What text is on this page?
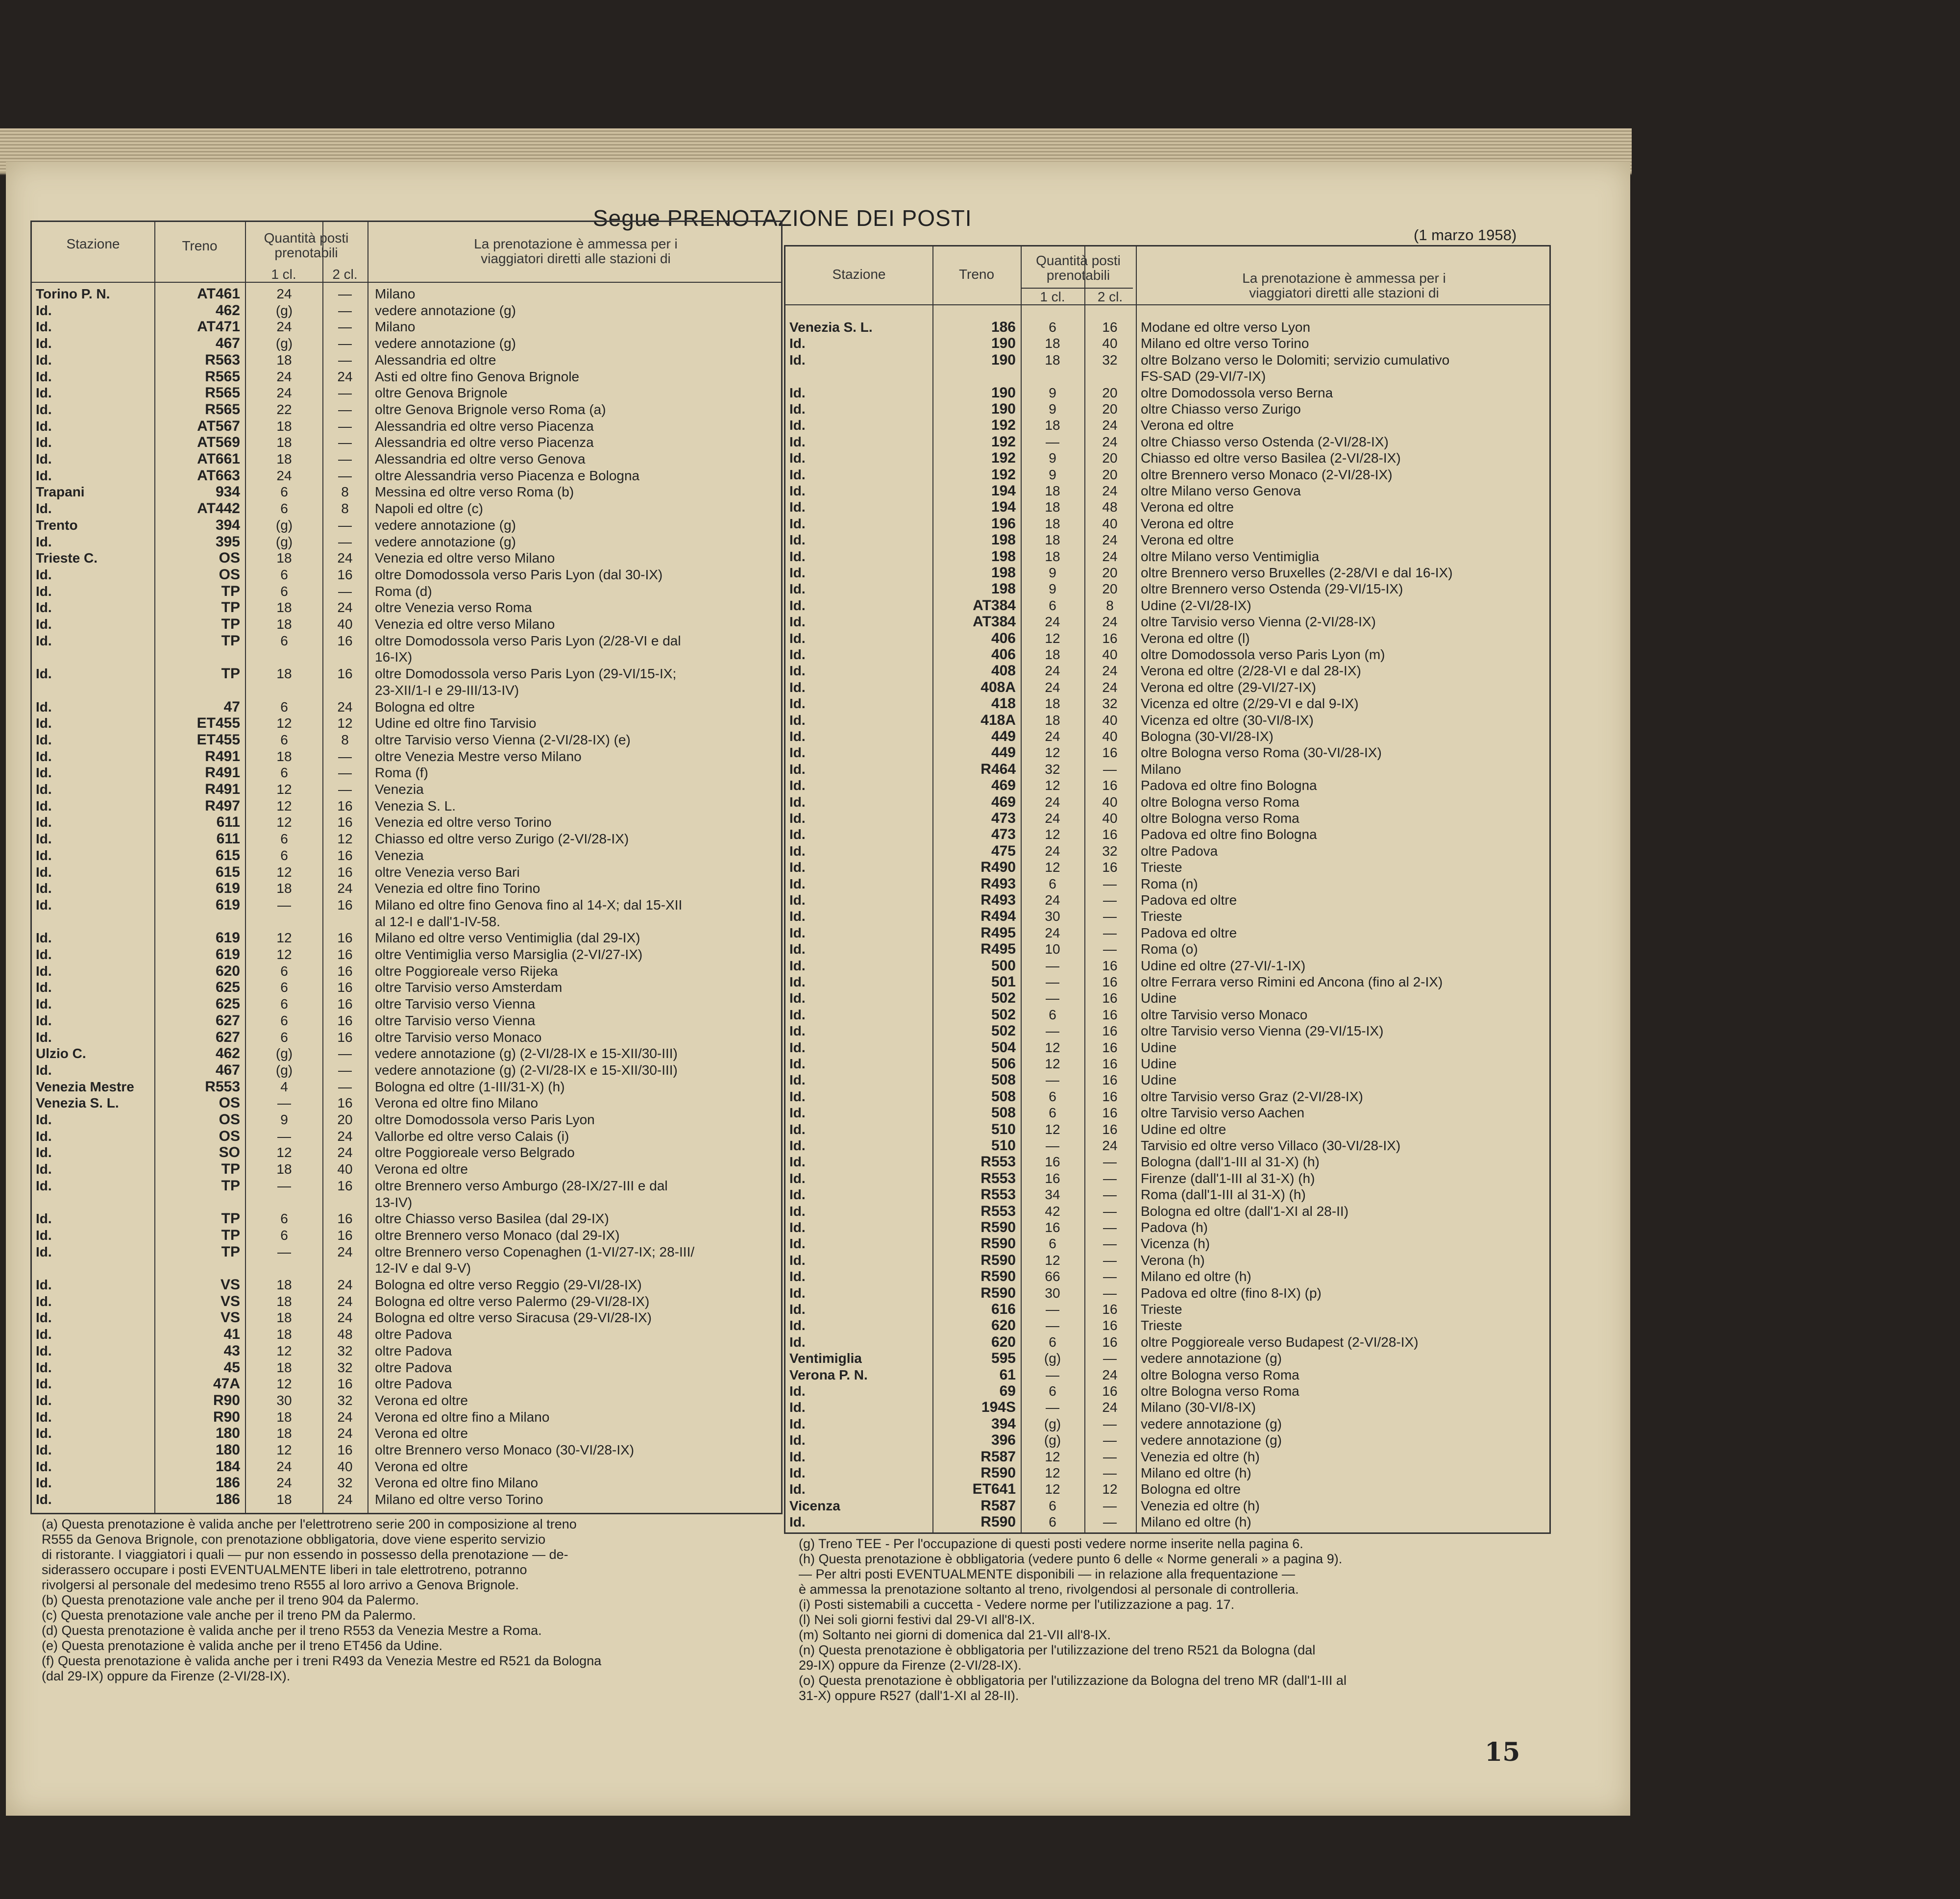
Segue PRENOTAZIONE DEI POSTI
(1 marzo 1958)
Stazione	Treno
Quantità posti prenotabili
1 cl.	2 cl.
La prenotazione è ammessa per i viaggiatori diretti alle stazioni di
Torino P. N.	AT461	24	—	Milano
Id.	462	(g)	—	vedere annotazione (g)
Id.	AT471	24	—	Milano
Id.	467	(g)	—	vedere annotazione (g)
Id.	R563	18	—	Alessandria ed oltre
Id.	R565	24	24	Asti ed oltre fino Genova Brignole
Id.	R565	24	—	oltre Genova Brignole
Id.	R565	22	—	oltre Genova Brignole verso Roma (a)
Id.	AT567	18	—	Alessandria ed oltre verso Piacenza
Id.	AT569	18	—	Alessandria ed oltre verso Piacenza
Id.	AT661	18	—	Alessandria ed oltre verso Genova
Id.	AT663	24	—	oltre Alessandria verso Piacenza e Bologna
Trapani	934	6	8	Messina ed oltre verso Roma (b)
Id.	AT442	6	8	Napoli ed oltre (c)
Trento	394	(g)	—	vedere annotazione (g)
Id.	395	(g)	—	vedere annotazione (g)
Trieste C.	OS	18	24	Venezia ed oltre verso Milano
Id.	OS	6	16	oltre Domodossola verso Paris Lyon (dal 30-IX)
Id.	TP	6	—	Roma (d)
Id.	TP	18	24	oltre Venezia verso Roma
Id.	TP	18	40	Venezia ed oltre verso Milano
Id.	TP	6	16	oltre Domodossola verso Paris Lyon (2/28-VI e dal
16-IX)
Id.	TP	18	16	oltre Domodossola verso Paris Lyon (29-VI/15-IX;
23-XII/1-I e 29-III/13-IV)
Id.	47	6	24	Bologna ed oltre
Id.	ET455	12	12	Udine ed oltre fino Tarvisio
Id.	ET455	6	8	oltre Tarvisio verso Vienna (2-VI/28-IX) (e)
Id.	R491	18	—	oltre Venezia Mestre verso Milano
Id.	R491	6	—	Roma (f)
Id.	R491	12	—	Venezia
Id.	R497	12	16	Venezia S. L.
Id.	611	12	16	Venezia ed oltre verso Torino
Id.	611	6	12	Chiasso ed oltre verso Zurigo (2-VI/28-IX)
Id.	615	6	16	Venezia
Id.	615	12	16	oltre Venezia verso Bari
Id.	619	18	24	Venezia ed oltre fino Torino
Id.	619	—	16	Milano ed oltre fino Genova fino al 14-X; dal 15-XII
al 12-I e dall'1-IV-58.
Id.	619	12	16	Milano ed oltre verso Ventimiglia (dal 29-IX)
Id.	619	12	16	oltre Ventimiglia verso Marsiglia (2-VI/27-IX)
Id.	620	6	16	oltre Poggioreale verso Rijeka
Id.	625	6	16	oltre Tarvisio verso Amsterdam
Id.	625	6	16	oltre Tarvisio verso Vienna
Id.	627	6	16	oltre Tarvisio verso Vienna
Id.	627	6	16	oltre Tarvisio verso Monaco
Ulzio C.	462	(g)	—	vedere annotazione (g) (2-VI/28-IX e 15-XII/30-III)
Id.	467	(g)	—	vedere annotazione (g) (2-VI/28-IX e 15-XII/30-III)
Venezia Mestre	R553	4	—	Bologna ed oltre (1-III/31-X) (h)
Venezia S. L.	OS	—	16	Verona ed oltre fino Milano
Id.	OS	9	20	oltre Domodossola verso Paris Lyon
Id.	OS	—	24	Vallorbe ed oltre verso Calais (i)
Id.	SO	12	24	oltre Poggioreale verso Belgrado
Id.	TP	18	40	Verona ed oltre
Id.	TP	—	16	oltre Brennero verso Amburgo (28-IX/27-III e dal
13-IV)
Id.	TP	6	16	oltre Chiasso verso Basilea (dal 29-IX)
Id.	TP	6	16	oltre Brennero verso Monaco (dal 29-IX)
Id.	TP	—	24	oltre Brennero verso Copenaghen (1-VI/27-IX; 28-III/
12-IV e dal 9-V)
Id.	VS	18	24	Bologna ed oltre verso Reggio (29-VI/28-IX)
Id.	VS	18	24	Bologna ed oltre verso Palermo (29-VI/28-IX)
Id.	VS	18	24	Bologna ed oltre verso Siracusa (29-VI/28-IX)
Id.	41	18	48	oltre Padova
Id.	43	12	32	oltre Padova
Id.	45	18	32	oltre Padova
Id.	47A	12	16	oltre Padova
Id.	R90	30	32	Verona ed oltre
Id.	R90	18	24	Verona ed oltre fino a Milano
Id.	180	18	24	Verona ed oltre
Id.	180	12	16	oltre Brennero verso Monaco (30-VI/28-IX)
Id.	184	24	40	Verona ed oltre
Id.	186	24	32	Verona ed oltre fino Milano
Id.	186	18	24	Milano ed oltre verso Torino
Stazione	Treno
Quantità posti prenotabili
1 cl.	2 cl.
La prenotazione è ammessa per i viaggiatori diretti alle stazioni di
Venezia S. L.	186	6	16	Modane ed oltre verso Lyon
Id.	190	18	40	Milano ed oltre verso Torino
Id.	190	18	32	oltre Bolzano verso le Dolomiti; servizio cumulativo
FS-SAD (29-VI/7-IX)
Id.	190	9	20	oltre Domodossola verso Berna
Id.	190	9	20	oltre Chiasso verso Zurigo
Id.	192	18	24	Verona ed oltre
Id.	192	—	24	oltre Chiasso verso Ostenda (2-VI/28-IX)
Id.	192	9	20	Chiasso ed oltre verso Basilea (2-VI/28-IX)
Id.	192	9	20	oltre Brennero verso Monaco (2-VI/28-IX)
Id.	194	18	24	oltre Milano verso Genova
Id.	194	18	48	Verona ed oltre
Id.	196	18	40	Verona ed oltre
Id.	198	18	24	Verona ed oltre
Id.	198	18	24	oltre Milano verso Ventimiglia
Id.	198	9	20	oltre Brennero verso Bruxelles (2-28/VI e dal 16-IX)
Id.	198	9	20	oltre Brennero verso Ostenda (29-VI/15-IX)
Id.	AT384	6	8	Udine (2-VI/28-IX)
Id.	AT384	24	24	oltre Tarvisio verso Vienna (2-VI/28-IX)
Id.	406	12	16	Verona ed oltre (l)
Id.	406	18	40	oltre Domodossola verso Paris Lyon (m)
Id.	408	24	24	Verona ed oltre (2/28-VI e dal 28-IX)
Id.	408A	24	24	Verona ed oltre (29-VI/27-IX)
Id.	418	18	32	Vicenza ed oltre (2/29-VI e dal 9-IX)
Id.	418A	18	40	Vicenza ed oltre (30-VI/8-IX)
Id.	449	24	40	Bologna (30-VI/28-IX)
Id.	449	12	16	oltre Bologna verso Roma (30-VI/28-IX)
Id.	R464	32	—	Milano
Id.	469	12	16	Padova ed oltre fino Bologna
Id.	469	24	40	oltre Bologna verso Roma
Id.	473	24	40	oltre Bologna verso Roma
Id.	473	12	16	Padova ed oltre fino Bologna
Id.	475	24	32	oltre Padova
Id.	R490	12	16	Trieste
Id.	R493	6	—	Roma (n)
Id.	R493	24	—	Padova ed oltre
Id.	R494	30	—	Trieste
Id.	R495	24	—	Padova ed oltre
Id.	R495	10	—	Roma (o)
Id.	500	—	16	Udine ed oltre (27-VI/-1-IX)
Id.	501	—	16	oltre Ferrara verso Rimini ed Ancona (fino al 2-IX)
Id.	502	—	16	Udine
Id.	502	6	16	oltre Tarvisio verso Monaco
Id.	502	—	16	oltre Tarvisio verso Vienna (29-VI/15-IX)
Id.	504	12	16	Udine
Id.	506	12	16	Udine
Id.	508	—	16	Udine
Id.	508	6	16	oltre Tarvisio verso Graz (2-VI/28-IX)
Id.	508	6	16	oltre Tarvisio verso Aachen
Id.	510	12	16	Udine ed oltre
Id.	510	—	24	Tarvisio ed oltre verso Villaco (30-VI/28-IX)
Id.	R553	16	—	Bologna (dall'1-III al 31-X) (h)
Id.	R553	16	—	Firenze (dall'1-III al 31-X) (h)
Id.	R553	34	—	Roma (dall'1-III al 31-X) (h)
Id.	R553	42	—	Bologna ed oltre (dall'1-XI al 28-II)
Id.	R590	16	—	Padova (h)
Id.	R590	6	—	Vicenza (h)
Id.	R590	12	—	Verona (h)
Id.	R590	66	—	Milano ed oltre (h)
Id.	R590	30	—	Padova ed oltre (fino 8-IX) (p)
Id.	616	—	16	Trieste
Id.	620	—	16	Trieste
Id.	620	6	16	oltre Poggioreale verso Budapest (2-VI/28-IX)
Ventimiglia	595	(g)	—	vedere annotazione (g)
Verona P. N.	61	—	24	oltre Bologna verso Roma
Id.	69	6	16	oltre Bologna verso Roma
Id.	194S	—	24	Milano (30-VI/8-IX)
Id.	394	(g)	—	vedere annotazione (g)
Id.	396	(g)	—	vedere annotazione (g)
Id.	R587	12	—	Venezia ed oltre (h)
Id.	R590	12	—	Milano ed oltre (h)
Id.	ET641	12	12	Bologna ed oltre
Vicenza	R587	6	—	Venezia ed oltre (h)
Id.	R590	6	—	Milano ed oltre (h)
(a) Questa prenotazione è valida anche per l'elettrotreno serie 200 in composizione al treno
R555 da Genova Brignole, con prenotazione obbligatoria, dove viene esperito servizio
di ristorante. I viaggiatori i quali — pur non essendo in possesso della prenotazione — de-
siderassero occupare i posti EVENTUALMENTE liberi in tale elettrotreno, potranno
rivolgersi al personale del medesimo treno R555 al loro arrivo a Genova Brignole.
(b) Questa prenotazione vale anche per il treno 904 da Palermo.
(c) Questa prenotazione vale anche per il treno PM da Palermo.
(d) Questa prenotazione è valida anche per il treno R553 da Venezia Mestre a Roma.
(e) Questa prenotazione è valida anche per il treno ET456 da Udine.
(f) Questa prenotazione è valida anche per i treni R493 da Venezia Mestre ed R521 da Bologna
(dal 29-IX) oppure da Firenze (2-VI/28-IX).
(g) Treno TEE - Per l'occupazione di questi posti vedere norme inserite nella pagina 6.
(h) Questa prenotazione è obbligatoria (vedere punto 6 delle « Norme generali » a pagina 9).
— Per altri posti EVENTUALMENTE disponibili — in relazione alla frequentazione —
è ammessa la prenotazione soltanto al treno, rivolgendosi al personale di controlleria.
(i) Posti sistemabili a cuccetta - Vedere norme per l'utilizzazione a pag. 17.
(l) Nei soli giorni festivi dal 29-VI all'8-IX.
(m) Soltanto nei giorni di domenica dal 21-VII all'8-IX.
(n) Questa prenotazione è obbligatoria per l'utilizzazione del treno R521 da Bologna (dal
29-IX) oppure da Firenze (2-VI/28-IX).
(o) Questa prenotazione è obbligatoria per l'utilizzazione da Bologna del treno MR (dall'1-III al
31-X) oppure R527 (dall'1-XI al 28-II).
15
